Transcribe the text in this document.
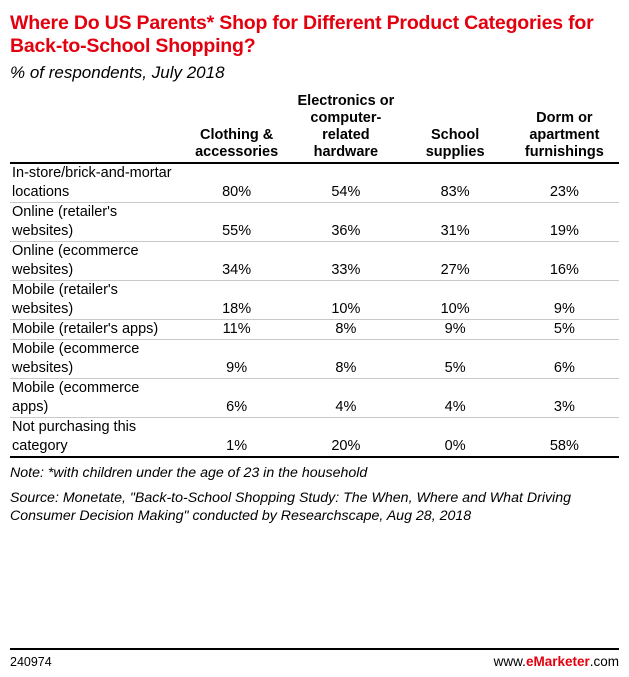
Where Do US Parents* Shop for Different Product Categories for Back-to-School Shopping?
% of respondents, July 2018
	Clothing & accessories	Electronics or computer-related hardware	School supplies	Dorm or apartment furnishings

In-store/brick-and-mortar locations	80%	54%	83%	23%
Online (retailer's websites)	55%	36%	31%	19%
Online (ecommerce websites)	34%	33%	27%	16%
Mobile (retailer's websites)	18%	10%	10%	9%
Mobile (retailer's apps)	11%	8%	9%	5%
Mobile (ecommerce websites)	9%	8%	5%	6%
Mobile (ecommerce apps)	6%	4%	4%	3%
Not purchasing this category	1%	20%	0%	58%
Note: *with children under the age of 23 in the household
Source: Monetate, "Back-to-School Shopping Study: The When, Where and What Driving Consumer Decision Making" conducted by Researchscape, Aug 28, 2018
240974	www.eMarketer.com
